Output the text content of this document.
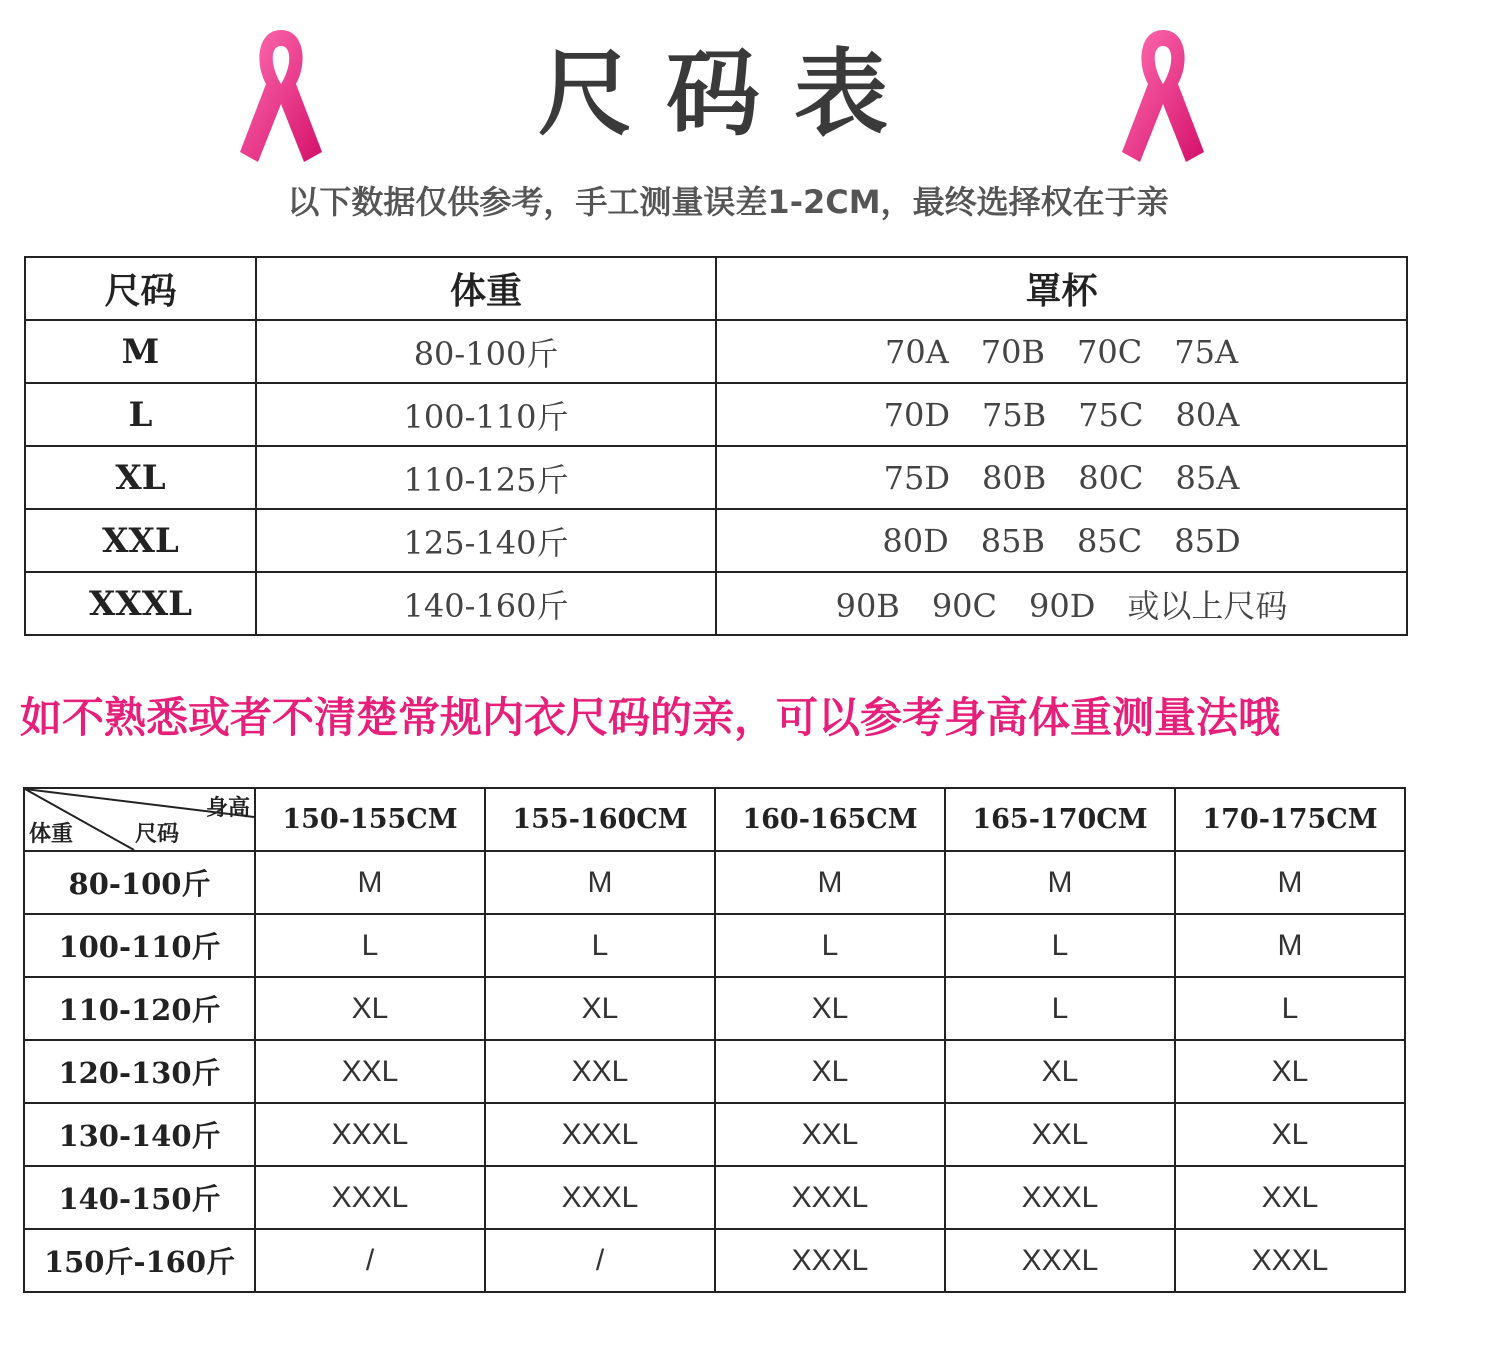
尺码表
以下数据仅供参考，手工测量误差1-2CM，最终选择权在于亲
尺码	体重	罩杯
M	80-100斤	70A 70B 70C 75A
L	100-110斤	70D 75B 75C 80A
XL	110-125斤	75D 80B 80C 85A
XXL	125-140斤	80D 85B 85C 85D
XXXL	140-160斤	90B 90C 90D 或以上尺码
如不熟悉或者不清楚常规内衣尺码的亲，可以参考身高体重测量法哦
身高
尺码
体重	150-155CM	155-160CM	160-165CM	165-170CM	170-175CM
80-100斤	M	M	M	M	M
100-110斤	L	L	L	L	M
110-120斤	XL	XL	XL	L	L
120-130斤	XXL	XXL	XL	XL	XL
130-140斤	XXXL	XXXL	XXL	XXL	XL
140-150斤	XXXL	XXXL	XXXL	XXXL	XXL
150斤-160斤	/	/	XXXL	XXXL	XXXL
